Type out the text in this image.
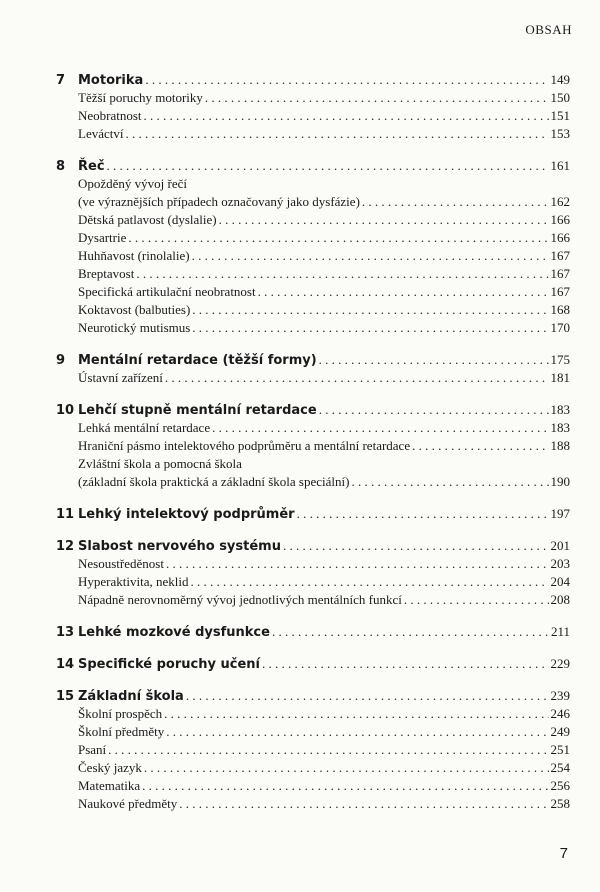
OBSAH
7 Motorika . . .	149
Těžší poruchy motoriky . . .	150
Neobratnost . . .	151
Leváctví . . .	153
8 Řeč . . .	161
Opožděný vývoj řečí
(ve výraznějších případech označovaný jako dysfázie) . . .	162
Dětská patlavost (dyslalie) . . .	166
Dysartrie . . .	166
Huhňavost (rinolalie) . . .	167
Breptavost . . .	167
Specifická artikulační neobratnost . . .	167
Koktavost (balbuties) . . .	168
Neurotický mutismus . . .	170
9 Mentální retardace (těžší formy) . . .	175
Ústavní zařízení . . .	181
10 Lehčí stupně mentální retardace . . .	183
Lehká mentální retardace . . .	183
Hraniční pásmo intelektového podprůměru a mentální retardace . . .	188
Zvláštní škola a pomocná škola
(základní škola praktická a základní škola speciální) . . .	190
11 Lehký intelektový podprůměr . . .	197
12 Slabost nervového systému . . .	201
Nesoustředěnost . . .	203
Hyperaktivita, neklid . . .	204
Nápadně nerovnoměrný vývoj jednotlivých mentálních funkcí . . .	208
13 Lehké mozkové dysfunkce . . .	211
14 Specifické poruchy učení . . .	229
15 Základní škola . . .	239
Školní prospěch . . .	246
Školní předměty . . .	249
Psaní . . .	251
Český jazyk . . .	254
Matematika . . .	256
Naukové předměty . . .	258
7
